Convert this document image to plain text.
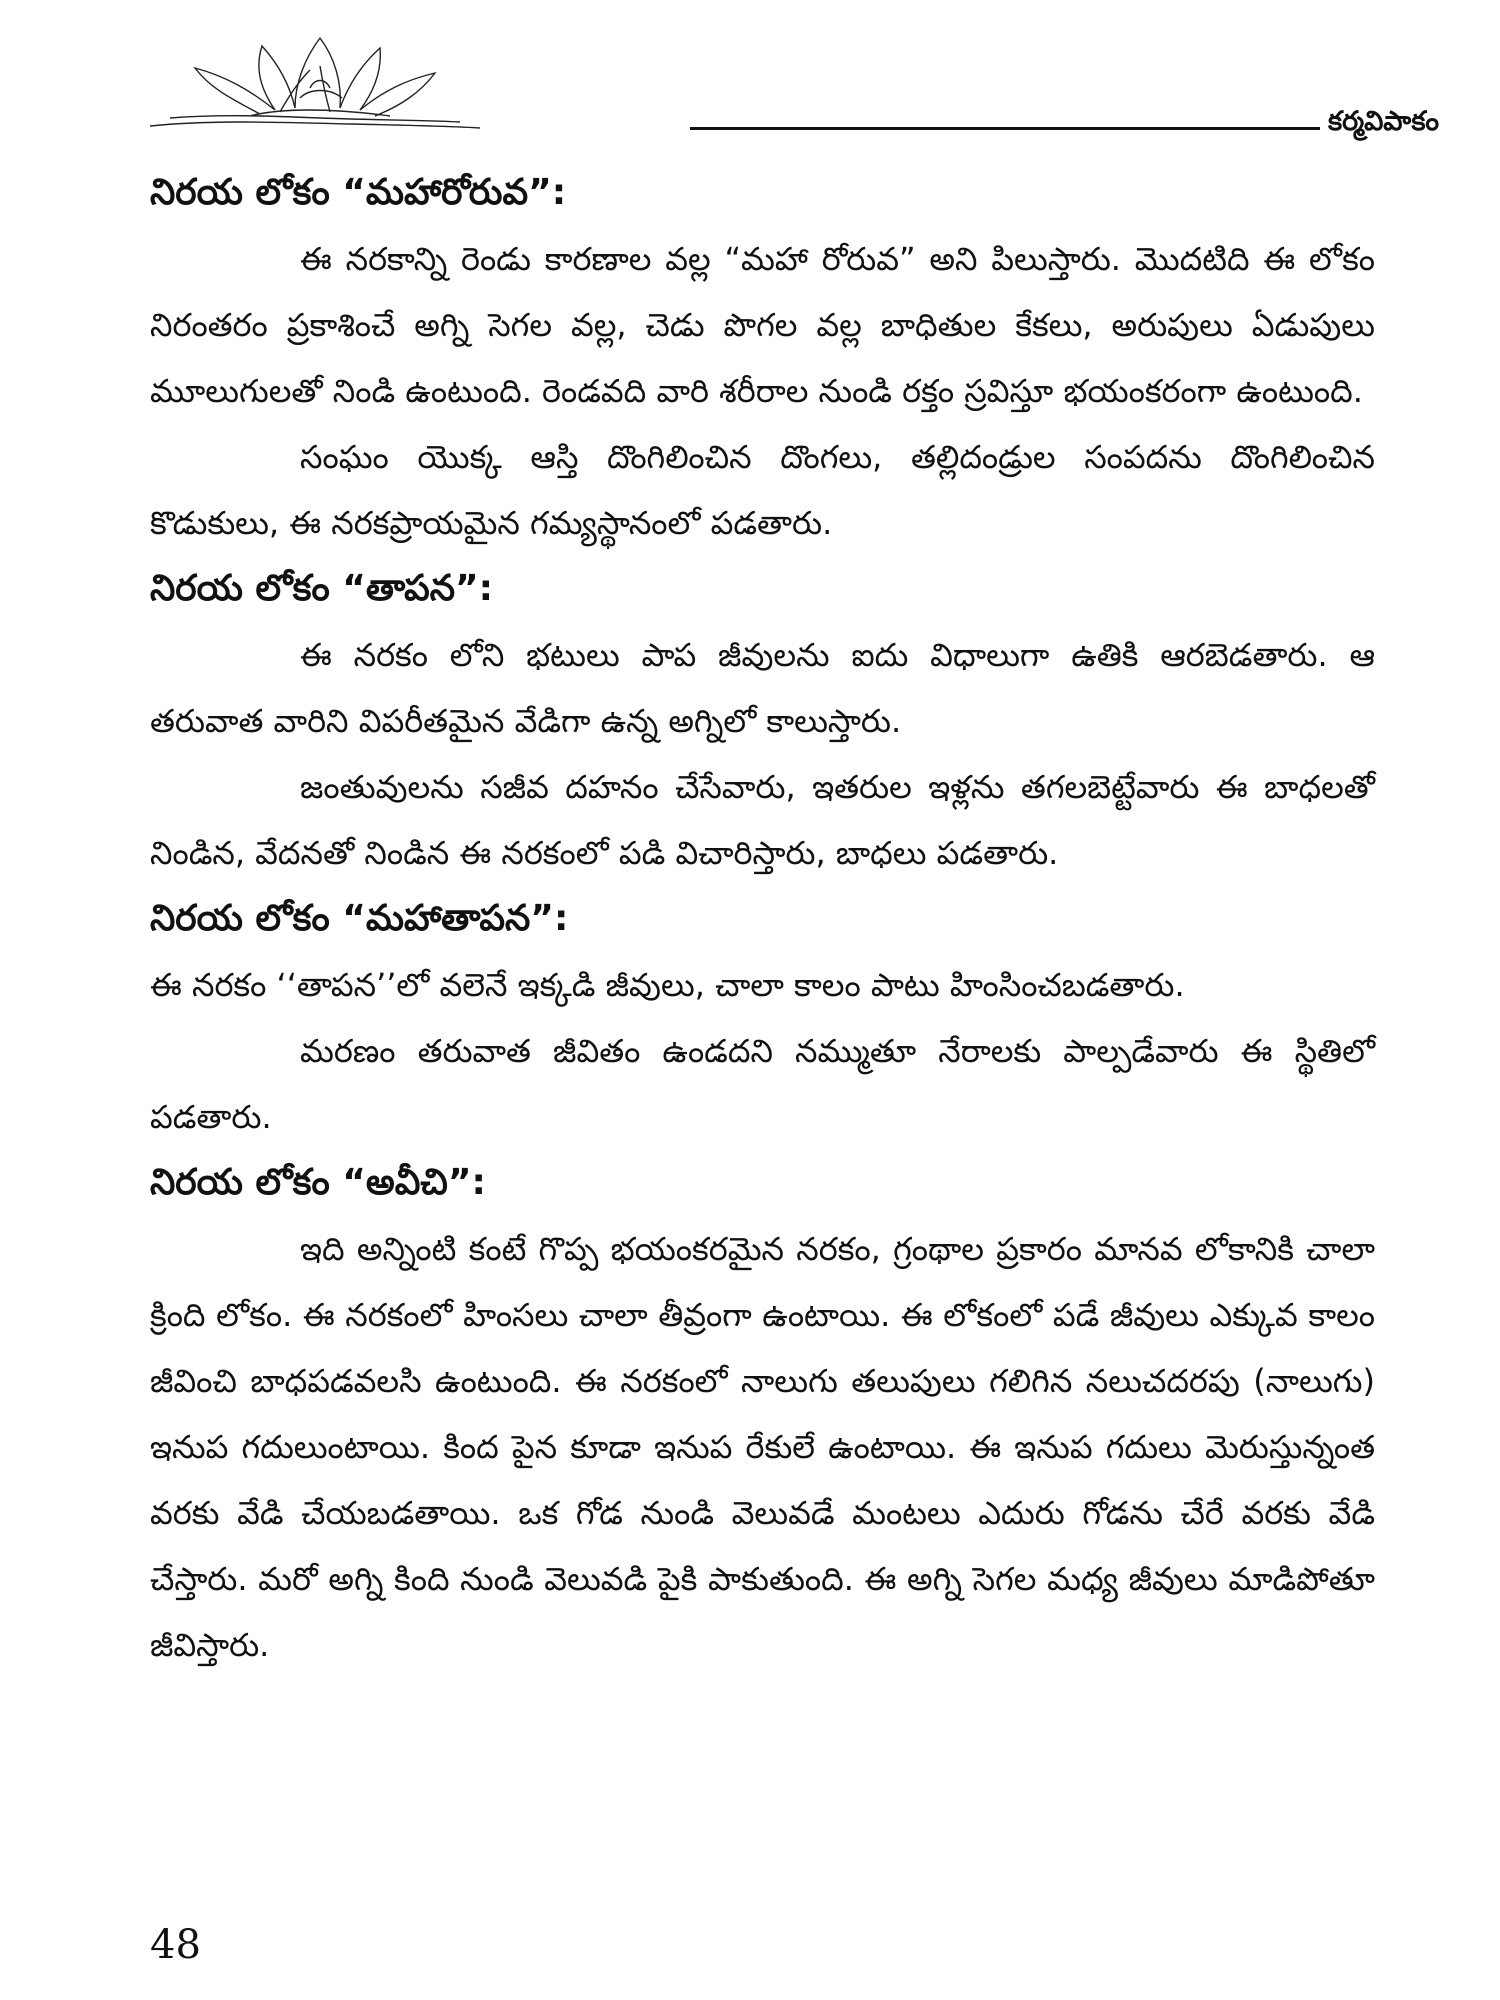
కర్మవిపాకం
నిరయ లోకం “మహారోరువ”:

ఈ నరకాన్ని రెండు కారణాల వల్ల “మహా రోరువ” అని పిలుస్తారు. మొదటిది ఈ లోకం నిరంతరం ప్రకాశించే అగ్ని సెగల వల్ల, చెడు పొగల వల్ల బాధితుల కేకలు, అరుపులు ఏడుపులు మూలుగులతో నిండి ఉంటుంది. రెండవది వారి శరీరాల నుండి రక్తం స్రవిస్తూ భయంకరంగా ఉంటుంది.

సంఘం యొక్క ఆస్తి దొంగిలించిన దొంగలు, తల్లిదండ్రుల సంపదను దొంగిలించిన కొడుకులు, ఈ నరకప్రాయమైన గమ్యస్థానంలో పడతారు.

నిరయ లోకం “తాపన”:

ఈ నరకం లోని భటులు పాప జీవులను ఐదు విధాలుగా ఉతికి ఆరబెడతారు. ఆ తరువాత వారిని విపరీతమైన వేడిగా ఉన్న అగ్నిలో కాలుస్తారు.

జంతువులను సజీవ దహనం చేసేవారు, ఇతరుల ఇళ్లను తగలబెట్టేవారు ఈ బాధలతో నిండిన, వేదనతో నిండిన ఈ నరకంలో పడి విచారిస్తారు, బాధలు పడతారు.

నిరయ లోకం “మహాతాపన”:

ఈ నరకం ‘‘తాపన’’లో వలెనే ఇక్కడి జీవులు, చాలా కాలం పాటు హింసించబడతారు.

మరణం తరువాత జీవితం ఉండదని నమ్ముతూ నేరాలకు పాల్పడేవారు ఈ స్థితిలో పడతారు.

నిరయ లోకం “అవీచి”:

ఇది అన్నింటి కంటే గొప్ప భయంకరమైన నరకం, గ్రంథాల ప్రకారం మానవ లోకానికి చాలా క్రింది లోకం. ఈ నరకంలో హింసలు చాలా తీవ్రంగా ఉంటాయి. ఈ లోకంలో పడే జీవులు ఎక్కువ కాలం జీవించి బాధపడవలసి ఉంటుంది. ఈ నరకంలో నాలుగు తలుపులు గలిగిన నలుచదరపు (నాలుగు) ఇనుప గదులుంటాయి. కింద పైన కూడా ఇనుప రేకులే ఉంటాయి. ఈ ఇనుప గదులు మెరుస్తున్నంత వరకు వేడి చేయబడతాయి. ఒక గోడ నుండి వెలువడే మంటలు ఎదురు గోడను చేరే వరకు వేడి చేస్తారు. మరో అగ్ని కింది నుండి వెలువడి పైకి పాకుతుంది. ఈ అగ్ని సెగల మధ్య జీవులు మాడిపోతూ జీవిస్తారు.

48
